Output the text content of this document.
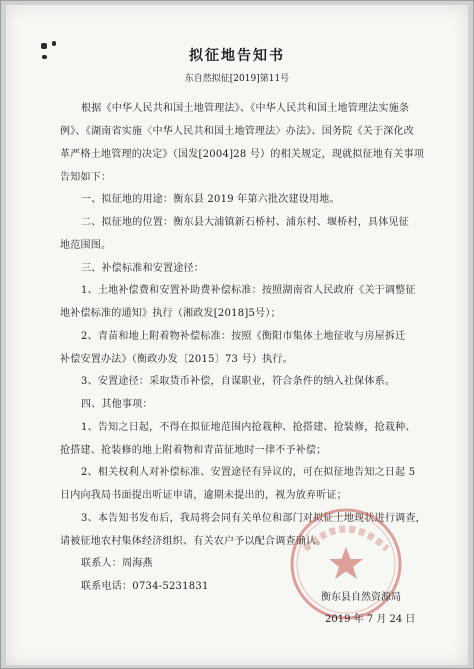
拟征地告知书
东自然拟征[2019]第11号
根据《中华人民共和国土地管理法》、《中华人民共和国土地管理法实施条
例》、《湖南省实施〈中华人民共和国土地管理法〉办法》、国务院《关于深化改
革严格土地管理的决定》（国发[2004]28 号）的相关规定，现就拟征地有关事项
告知如下：
一、拟征地的用途：衡东县 2019 年第六批次建设用地。
二、拟征地的位置：衡东县大浦镇新石桥村、浦东村、堰桥村，具体见征
地范围图。
三、补偿标准和安置途径：
1、土地补偿费和安置补助费补偿标准：按照湖南省人民政府《关于调整征
地补偿标准的通知》执行（湘政发[2018]5号）；
2、青苗和地上附着物补偿标准：按照《衡阳市集体土地征收与房屋拆迁
补偿安置办法》（衡政办发〔2015〕73 号）执行。
3、安置途径：采取货币补偿，自谋职业，符合条件的纳入社保体系。
四、其他事项：
1、告知之日起，不得在拟征地范围内抢栽种、抢搭建、抢装修，抢栽种、
抢搭建、抢装修的地上附着物和青苗征地时一律不予补偿；
2、相关权利人对补偿标准、安置途径有异议的，可在拟征地告知之日起 5
日内向我局书面提出听证申请，逾期未提出的，视为放弃听证；
3、本告知书发布后，我局将会同有关单位和部门对拟征土地现状进行调查，
请被征地农村集体经济组织、有关农户予以配合调查确认。
联系人：周海燕
联系电话：0734-5231831
衡东县自然资源局
2019 年 7 月 24 日
